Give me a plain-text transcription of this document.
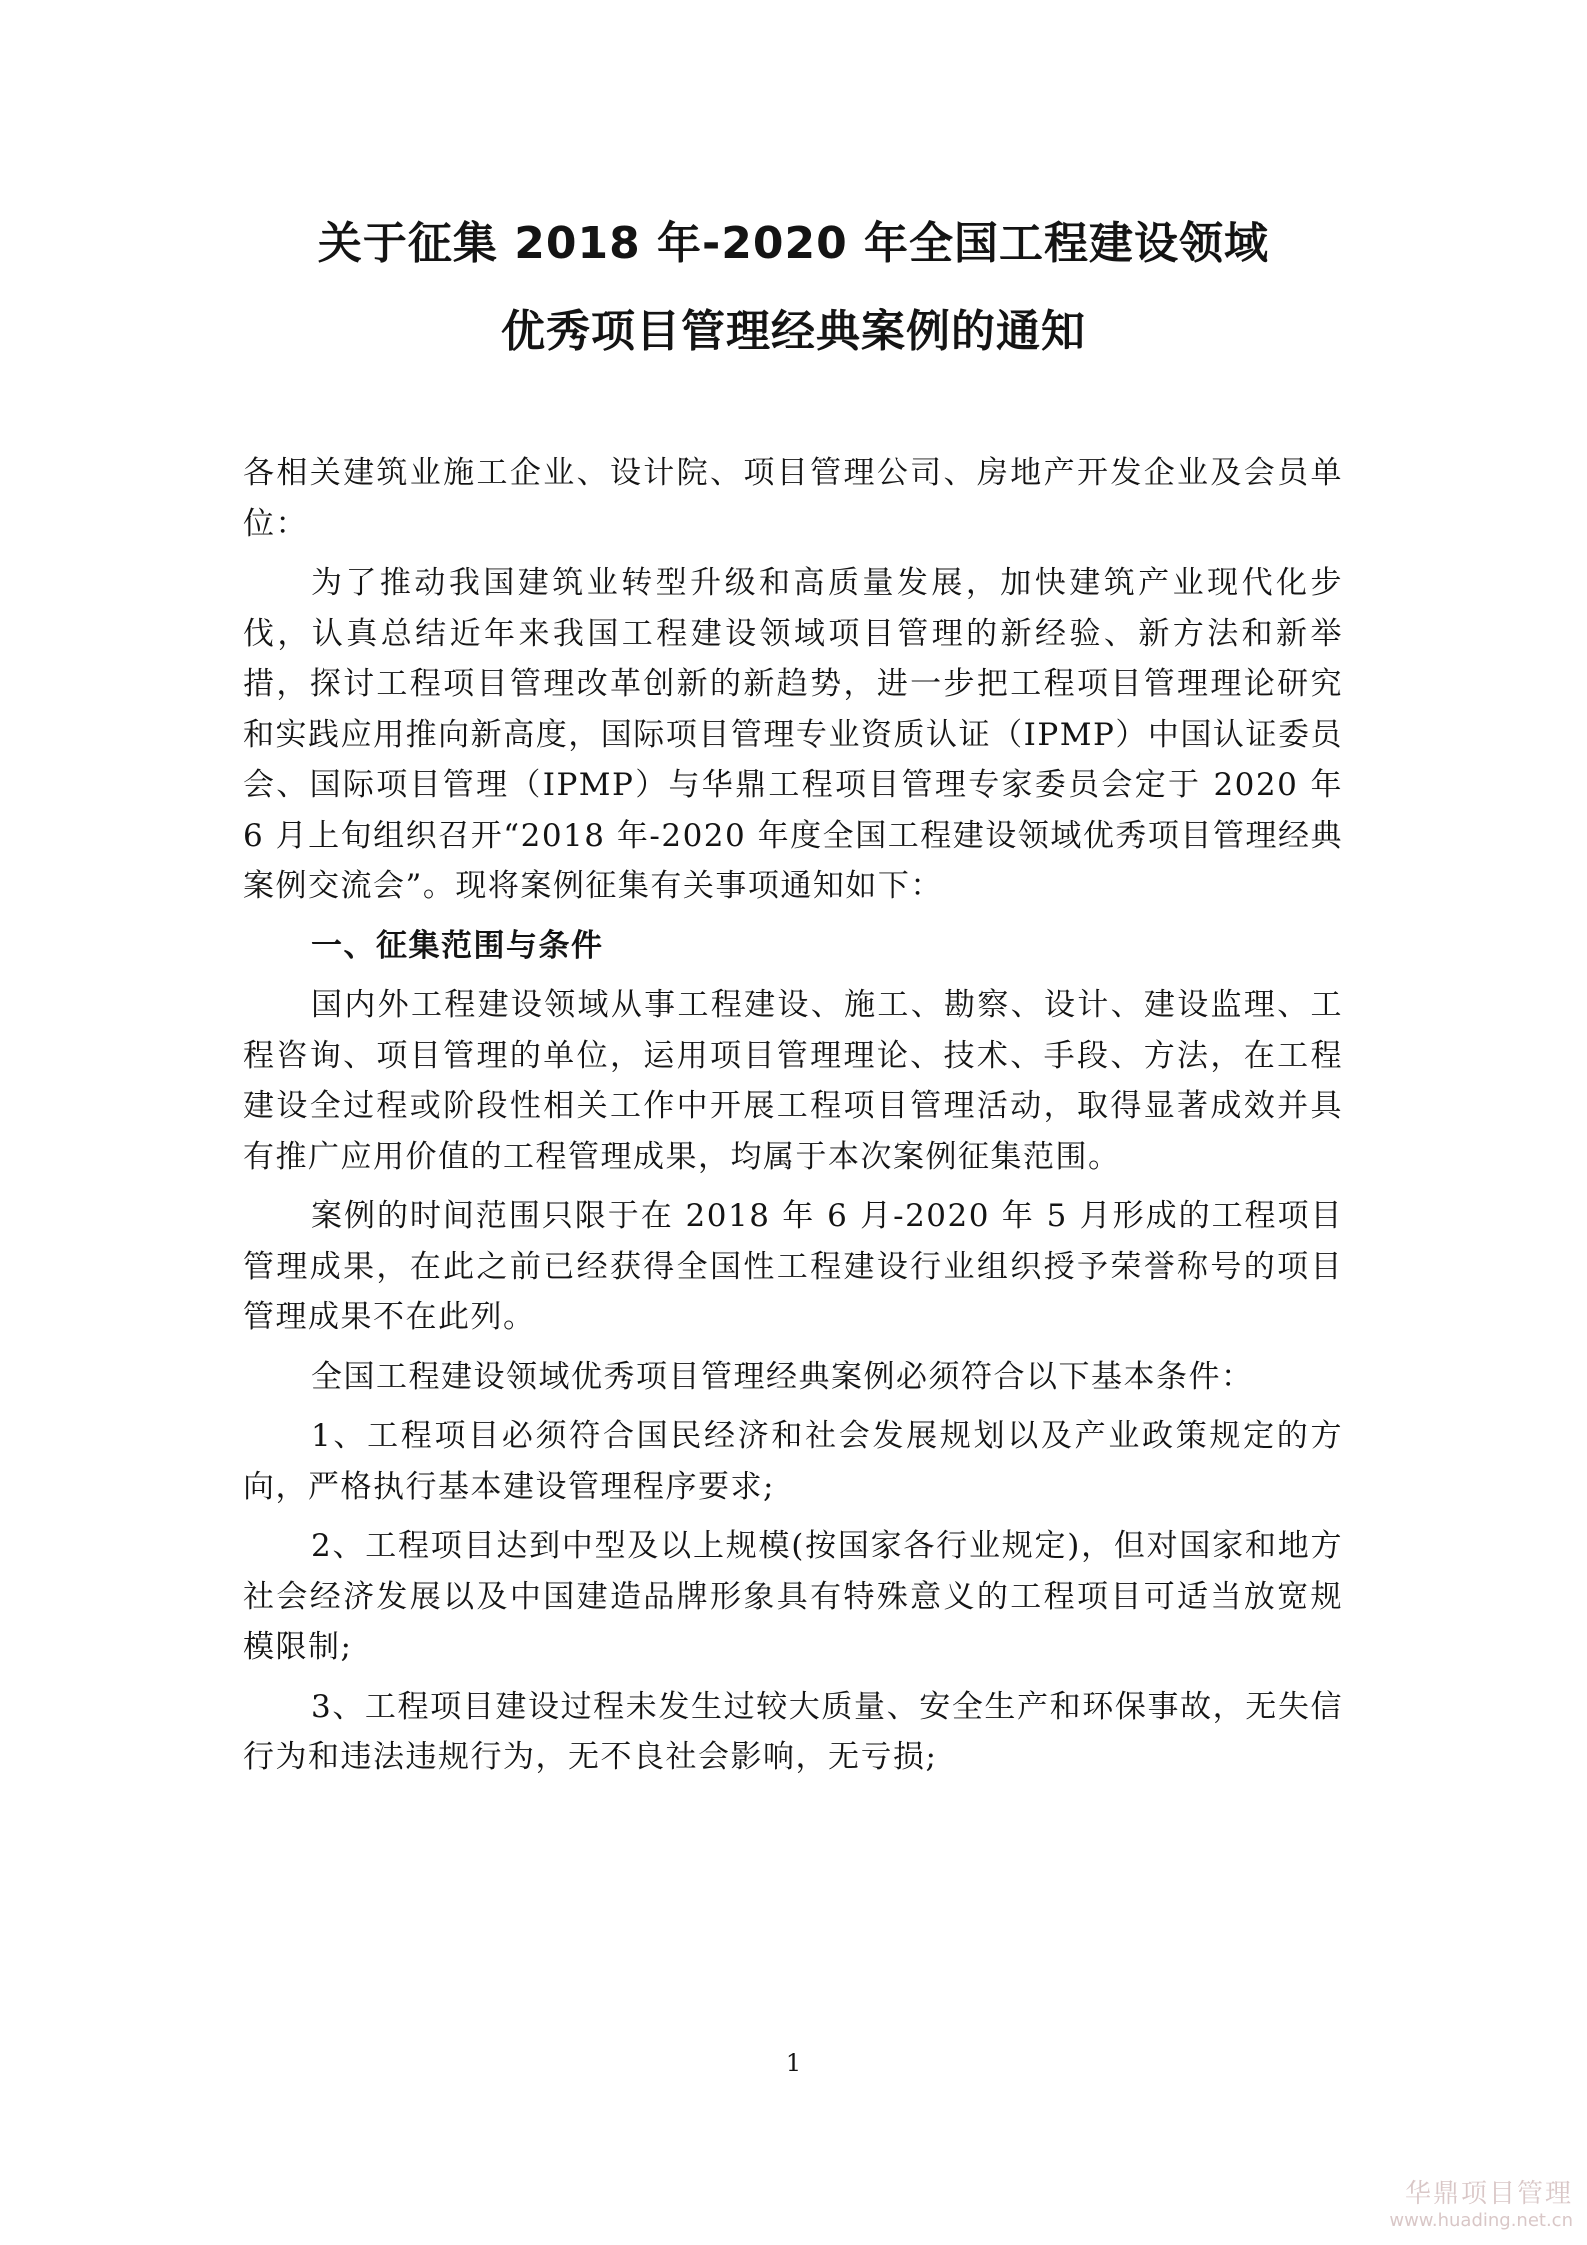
关于征集 2018 年-2020 年全国工程建设领域
优秀项目管理经典案例的通知

各相关建筑业施工企业、设计院、项目管理公司、房地产开发企业及会员单位：

为了推动我国建筑业转型升级和高质量发展，加快建筑产业现代化步伐，认真总结近年来我国工程建设领域项目管理的新经验、新方法和新举措，探讨工程项目管理改革创新的新趋势，进一步把工程项目管理理论研究和实践应用推向新高度，国际项目管理专业资质认证（IPMP）中国认证委员会、国际项目管理（IPMP）与华鼎工程项目管理专家委员会定于 2020 年 6 月上旬组织召开“2018 年-2020 年度全国工程建设领域优秀项目管理经典案例交流会”。现将案例征集有关事项通知如下：

一、征集范围与条件

国内外工程建设领域从事工程建设、施工、勘察、设计、建设监理、工程咨询、项目管理的单位，运用项目管理理论、技术、手段、方法，在工程建设全过程或阶段性相关工作中开展工程项目管理活动，取得显著成效并具有推广应用价值的工程管理成果，均属于本次案例征集范围。

案例的时间范围只限于在 2018 年 6 月-2020 年 5 月形成的工程项目管理成果，在此之前已经获得全国性工程建设行业组织授予荣誉称号的项目管理成果不在此列。

全国工程建设领域优秀项目管理经典案例必须符合以下基本条件：

1、工程项目必须符合国民经济和社会发展规划以及产业政策规定的方向，严格执行基本建设管理程序要求;

2、工程项目达到中型及以上规模(按国家各行业规定)，但对国家和地方社会经济发展以及中国建造品牌形象具有特殊意义的工程项目可适当放宽规模限制;

3、工程项目建设过程未发生过较大质量、安全生产和环保事故，无失信行为和违法违规行为，无不良社会影响，无亏损;

1
华鼎项目管理
www.huading.net.cn
